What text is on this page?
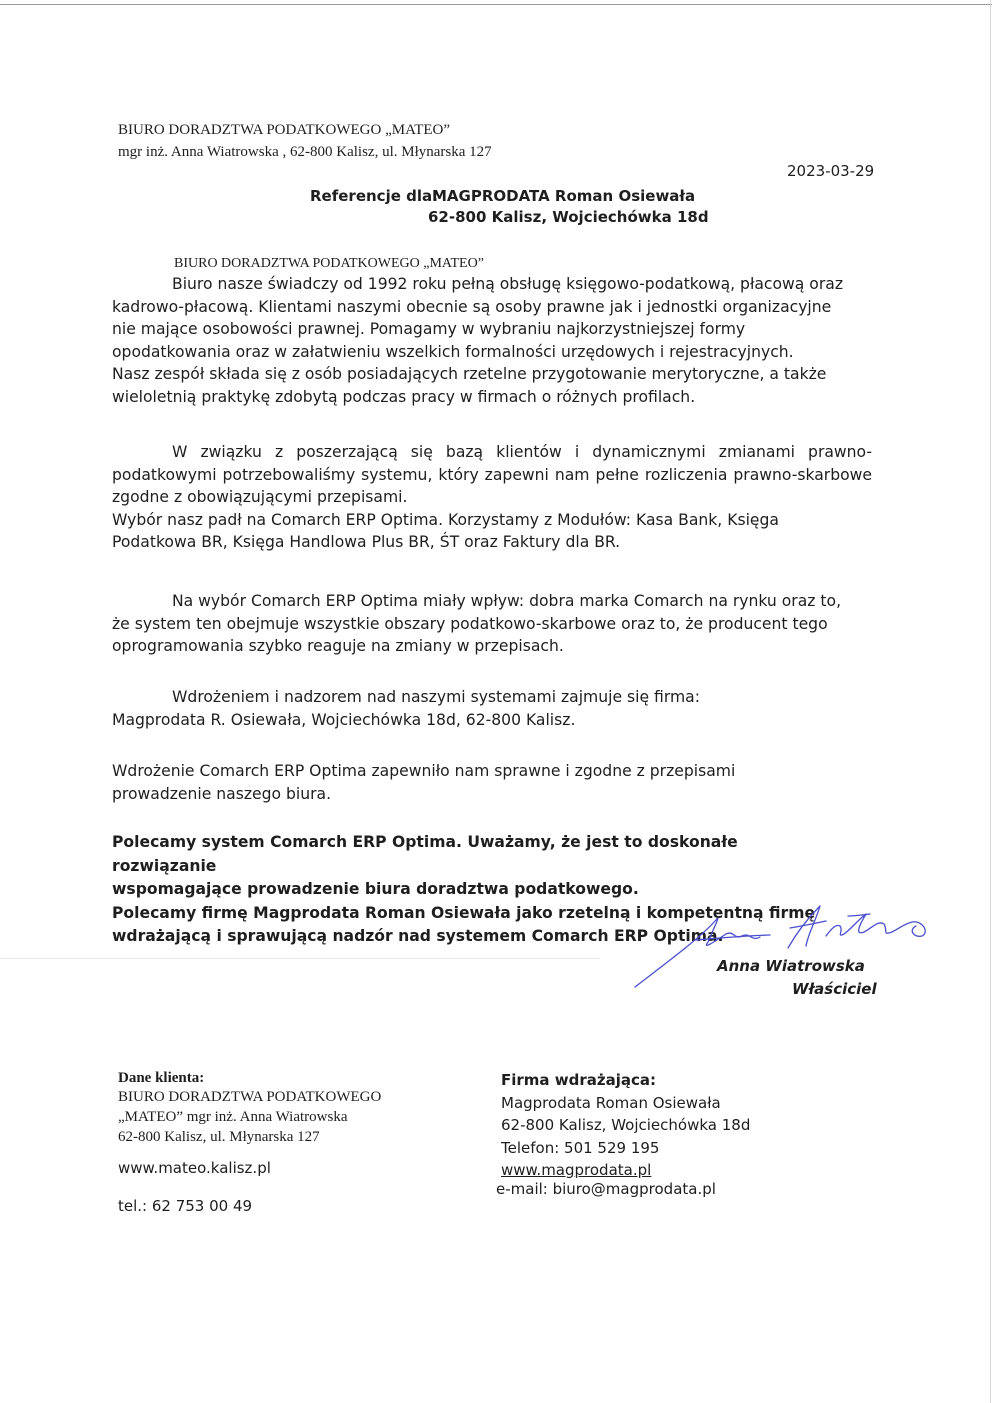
BIURO DORADZTWA PODATKOWEGO „MATEO”
mgr inż. Anna Wiatrowska , 62-800 Kalisz, ul. Młynarska 127
2023-03-29
Referencje dla:
MAGPRODATA Roman Osiewała
62-800 Kalisz, Wojciechówka 18d
BIURO DORADZTWA PODATKOWEGO „MATEO”

Biuro nasze świadczy od 1992 roku pełną obsługę księgowo-podatkową, płacową oraz

kadrowo-płacową. Klientami naszymi obecnie są osoby prawne jak i jednostki organizacyjne

nie mające osobowości prawnej. Pomagamy w wybraniu najkorzystniejszej formy

opodatkowania oraz w załatwieniu wszelkich formalności urzędowych i rejestracyjnych.

Nasz zespół składa się z osób posiadających rzetelne przygotowanie merytoryczne, a także

wieloletnią praktykę zdobytą podczas pracy w firmach o różnych profilach.

W związku z poszerzającą się bazą klientów i dynamicznymi zmianami prawno-podatkowymi potrzebowaliśmy systemu, który zapewni nam pełne rozliczenia prawno-skarbowe zgodne z obowiązującymi przepisami.

Wybór nasz padł na Comarch ERP Optima. Korzystamy z Modułów: Kasa Bank, Księga

Podatkowa BR, Księga Handlowa Plus BR, ŚT oraz Faktury dla BR.

Na wybór Comarch ERP Optima miały wpływ: dobra marka Comarch na rynku oraz to,

że system ten obejmuje wszystkie obszary podatkowo-skarbowe oraz to, że producent tego

oprogramowania szybko reaguje na zmiany w przepisach.

Wdrożeniem i nadzorem nad naszymi systemami zajmuje się firma:

Magprodata R. Osiewała, Wojciechówka 18d, 62-800 Kalisz.

Wdrożenie Comarch ERP Optima zapewniło nam sprawne i zgodne z przepisami

prowadzenie naszego biura.

Polecamy system Comarch ERP Optima. Uważamy, że jest to doskonałe rozwiązanie

wspomagające prowadzenie biura doradztwa podatkowego.

Polecamy firmę Magprodata Roman Osiewała jako rzetelną i kompetentną firmę

wdrażającą i sprawującą nadzór nad systemem Comarch ERP Optima.

Anna Wiatrowska
Właściciel
Dane klienta:
BIURO DORADZTWA PODATKOWEGO
„MATEO” mgr inż. Anna Wiatrowska
62-800 Kalisz, ul. Młynarska 127
www.mateo.kalisz.pl
tel.: 62 753 00 49
Firma wdrażająca:
Magprodata Roman Osiewała
62-800 Kalisz, Wojciechówka 18d
Telefon: 501 529 195
www.magprodata.pl
e-mail: biuro@magprodata.pl
